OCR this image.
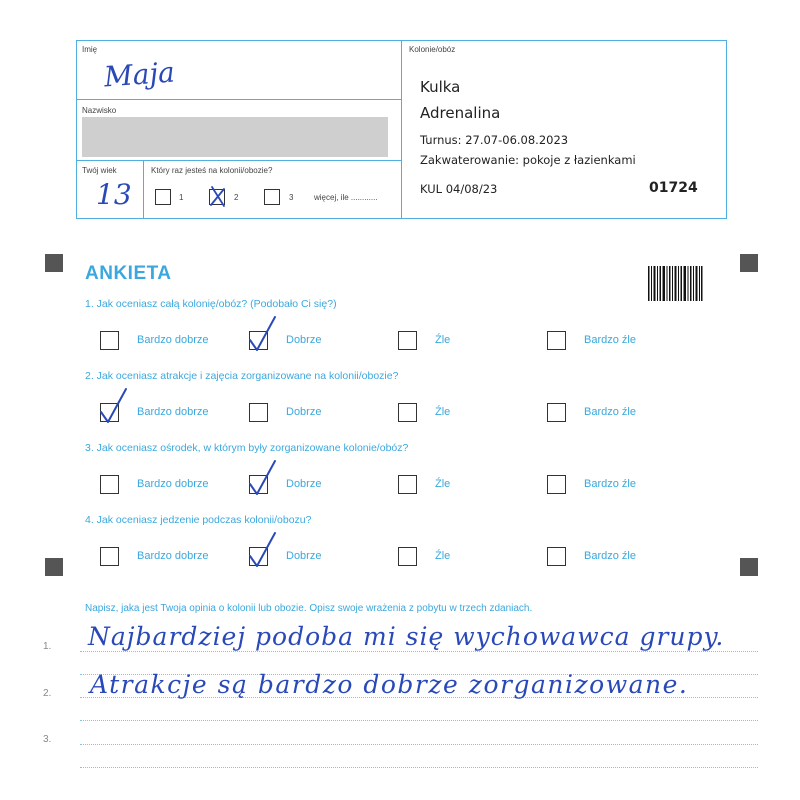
Imię
Maja
Nazwisko
Twój wiek
13
Który raz jesteś na kolonii/obozie?
1	2	3	więcej, ile ............
Kolonie/obóz
Kulka
Adrenalina
Turnus: 27.07-06.08.2023
Zakwaterowanie: pokoje z łazienkami
KUL 04/08/23	01724
ANKIETA
1. Jak oceniasz całą kolonię/obóz? (Podobało Ci się?)
2. Jak oceniasz atrakcje i zajęcia zorganizowane na kolonii/obozie?
3. Jak oceniasz ośrodek, w którym były zorganizowane kolonie/obóz?
4. Jak oceniasz jedzenie podczas kolonii/obozu?
Bardzo dobrze	Dobrze	Źle	Bardzo źle
Bardzo dobrze	Dobrze	Źle	Bardzo źle
Bardzo dobrze	Dobrze	Źle	Bardzo źle
Bardzo dobrze	Dobrze	Źle	Bardzo źle
Napisz, jaka jest Twoja opinia o kolonii lub obozie. Opisz swoje wrażenia z pobytu w trzech zdaniach.
1.
2.
3.
Najbardziej podoba mi się wychowawca grupy.
Atrakcje są bardzo dobrze zorganizowane.
